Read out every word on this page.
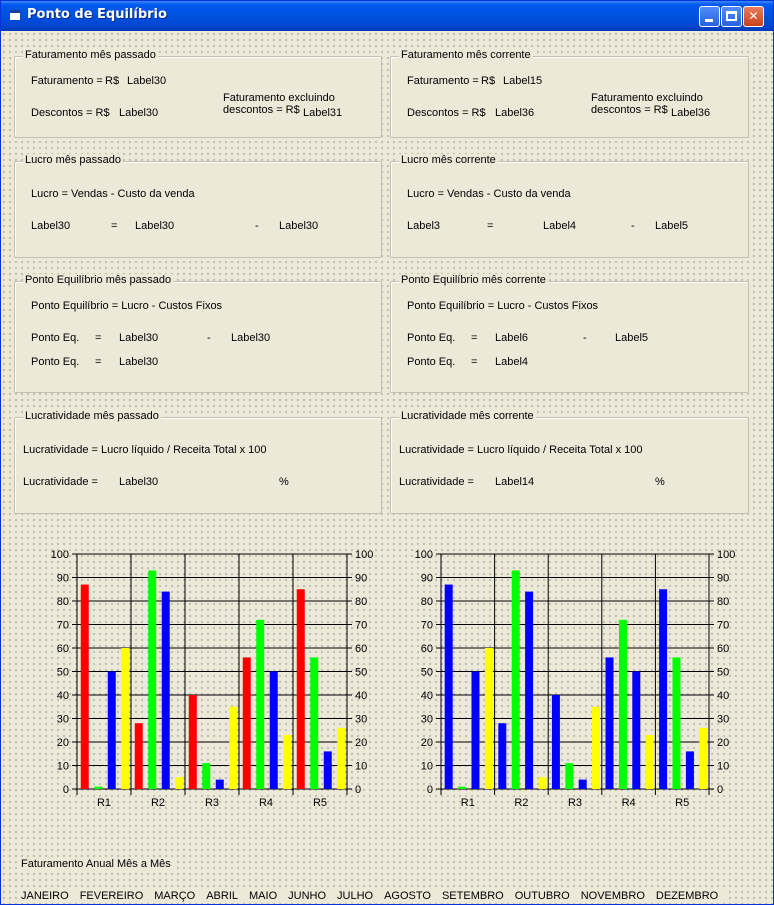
Ponto de Equilíbrio	✕
Faturamento mês passado
Faturamento = R$ Label30
Descontos = R$ Label30
Faturamento excluindo
descontos = R$ Label31
Faturamento mês corrente
Faturamento = R$ Label15
Descontos = R$ Label36
Faturamento excluindo
descontos = R$ Label36
Lucro mês passado
Lucro = Vendas - Custo da venda
Label30	= Label30	- Label30
Lucro mês corrente
Lucro = Vendas - Custo da venda
Label3	=	Label4	- Label5
Ponto Equilíbrio mês passado
Ponto Equilíbrio = Lucro - Custos Fixos
Ponto Eq. = Label30	- Label30
Ponto Eq. = Label30
Ponto Equilíbrio mês corrente
Ponto Equilíbrio = Lucro - Custos Fixos
Ponto Eq. = Label6	-	Label5
Ponto Eq. = Label4
Lucratividade mês passado
Lucratividade = Lucro líquido / Receita Total x 100
Lucratividade = Label30	%
Lucratividade mês corrente
Lucratividade = Lucro líquido / Receita Total x 100
Lucratividade = Label14	%
0	0
10	10
20	20
30	30
40	40
50	50
60	60
70	70
80	80
90	90
100	100
R1	R2	R3	R4	R5
0	0
10	10
20	20
30	30
40	40
50	50
60	60
70	70
80	80
90	90
100	100
R1	R2	R3	R4	R5
Faturamento Anual Mês a Mês
JANEIRO FEVEREIRO MARÇO ABRIL MAIO JUNHO JULHO AGOSTO SETEMBRO OUTUBRO NOVEMBRO DEZEMBRO
